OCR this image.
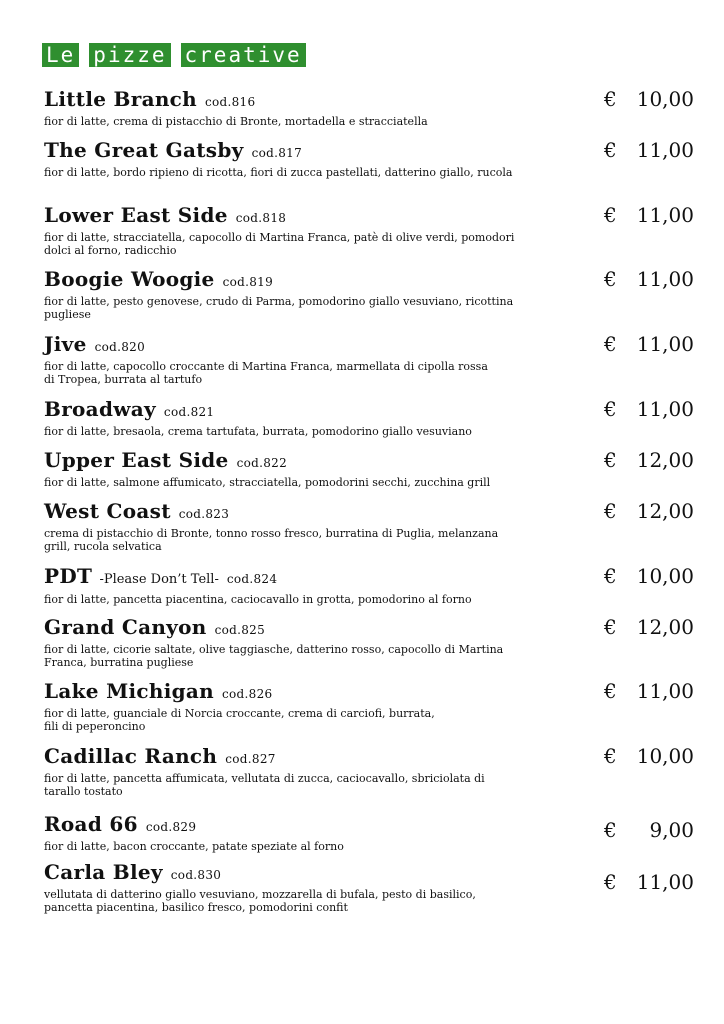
Le pizze creative
Little Branch cod.816
fior di latte, crema di pistacchio di Bronte, mortadella e stracciatella
€ 10,00
The Great Gatsby cod.817
fior di latte, bordo ripieno di ricotta, fiori di zucca pastellati, datterino giallo, rucola
€ 11,00
Lower East Side cod.818
fior di latte, stracciatella, capocollo di Martina Franca, patè di olive verdi, pomodori
dolci al forno, radicchio
€ 11,00
Boogie Woogie cod.819
fior di latte, pesto genovese, crudo di Parma, pomodorino giallo vesuviano, ricottina
pugliese
€ 11,00
Jive cod.820
fior di latte, capocollo croccante di Martina Franca, marmellata di cipolla rossa
di Tropea, burrata al tartufo
€ 11,00
Broadway cod.821
fior di latte, bresaola, crema tartufata, burrata, pomodorino giallo vesuviano
€ 11,00
Upper East Side cod.822
fior di latte, salmone affumicato, stracciatella, pomodorini secchi, zucchina grill
€ 12,00
West Coast cod.823
crema di pistacchio di Bronte, tonno rosso fresco, burratina di Puglia, melanzana
grill, rucola selvatica
€ 12,00
PDT -Please Don’t Tell- cod.824
fior di latte, pancetta piacentina, caciocavallo in grotta, pomodorino al forno
€ 10,00
Grand Canyon cod.825
fior di latte, cicorie saltate, olive taggiasche, datterino rosso, capocollo di Martina
Franca, burratina pugliese
€ 12,00
Lake Michigan cod.826
fior di latte, guanciale di Norcia croccante, crema di carciofi, burrata,
fili di peperoncino
€ 11,00
Cadillac Ranch cod.827
fior di latte, pancetta affumicata, vellutata di zucca, caciocavallo, sbriciolata di
tarallo tostato
€ 10,00
Road 66 cod.829
fior di latte, bacon croccante, patate speziate al forno
€ 9,00
Carla Bley cod.830
vellutata di datterino giallo vesuviano, mozzarella di bufala, pesto di basilico,
pancetta piacentina, basilico fresco, pomodorini confit
€ 11,00
